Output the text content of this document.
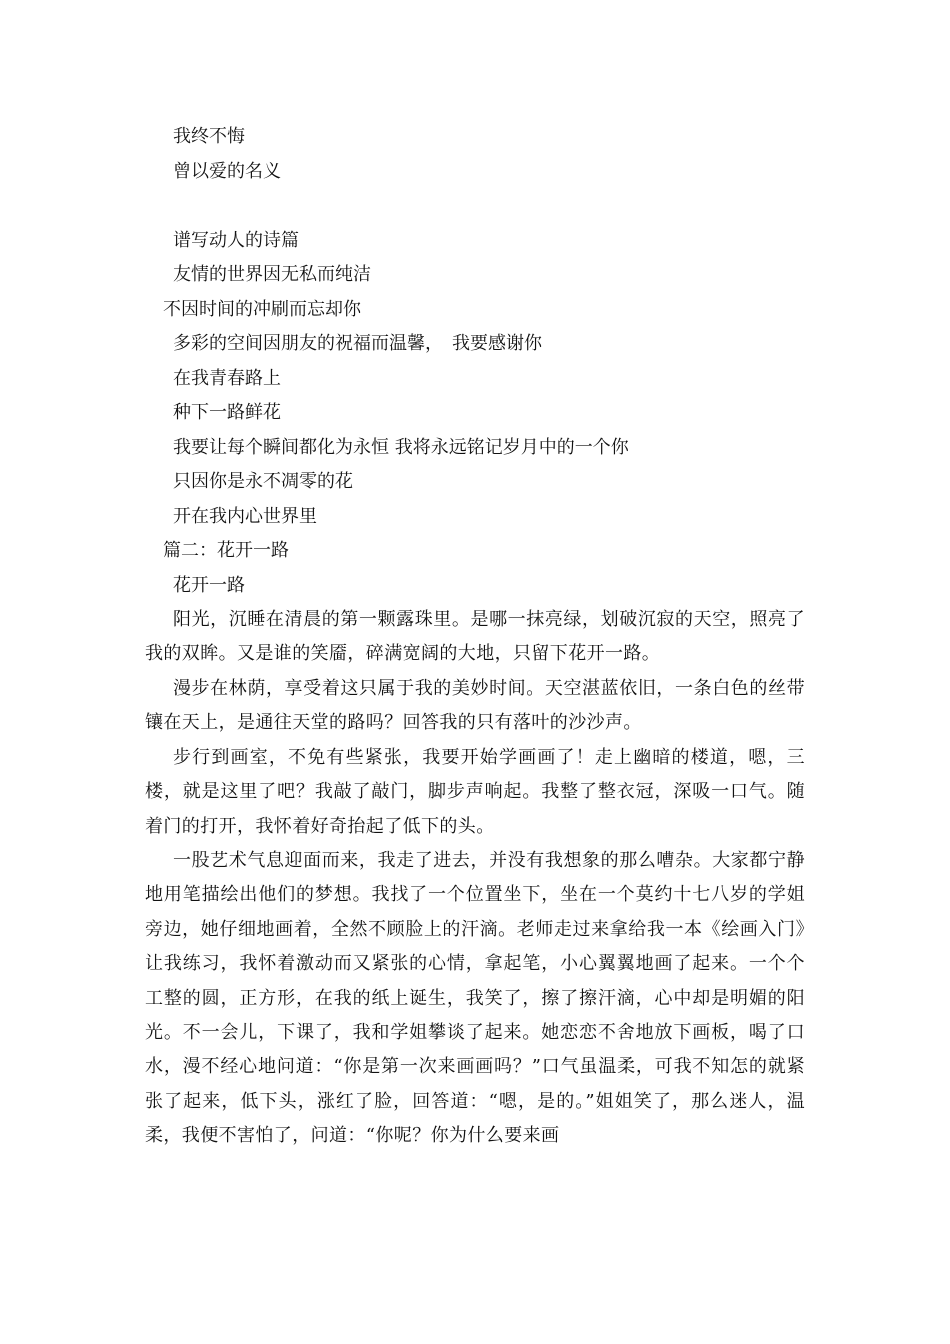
我终不悔
曾以爱的名义
谱写动人的诗篇
友情的世界因无私而纯洁
不因时间的冲刷而忘却你
多彩的空间因朋友的祝福而温馨，　我要感谢你
在我青春路上
种下一路鲜花
我要让每个瞬间都化为永恒 我将永远铭记岁月中的一个你
只因你是永不凋零的花
开在我内心世界里
篇二：花开一路
花开一路
阳光，沉睡在清晨的第一颗露珠里。是哪一抹亮绿，划破沉寂的天空，照亮了我的双眸。又是谁的笑靥，碎满宽阔的大地，只留下花开一路。
漫步在林荫，享受着这只属于我的美妙时间。天空湛蓝依旧，一条白色的丝带镶在天上，是通往天堂的路吗？回答我的只有落叶的沙沙声。
步行到画室，不免有些紧张，我要开始学画画了！走上幽暗的楼道，嗯，三楼，就是这里了吧？我敲了敲门，脚步声响起。我整了整衣冠，深吸一口气。随着门的打开，我怀着好奇抬起了低下的头。
一股艺术气息迎面而来，我走了进去，并没有我想象的那么嘈杂。大家都宁静地用笔描绘出他们的梦想。我找了一个位置坐下，坐在一个莫约十七八岁的学姐旁边，她仔细地画着，全然不顾脸上的汗滴。老师走过来拿给我一本《绘画入门》让我练习，我怀着激动而又紧张的心情，拿起笔，小心翼翼地画了起来。一个个工整的圆，正方形，在我的纸上诞生，我笑了，擦了擦汗滴，心中却是明媚的阳光。不一会儿，下课了，我和学姐攀谈了起来。她恋恋不舍地放下画板，喝了口水，漫不经心地问道：“你是第一次来画画吗？”口气虽温柔，可我不知怎的就紧张了起来，低下头，涨红了脸，回答道：“嗯，是的。”姐姐笑了，那么迷人，温柔，我便不害怕了，问道：“你呢？你为什么要来画
